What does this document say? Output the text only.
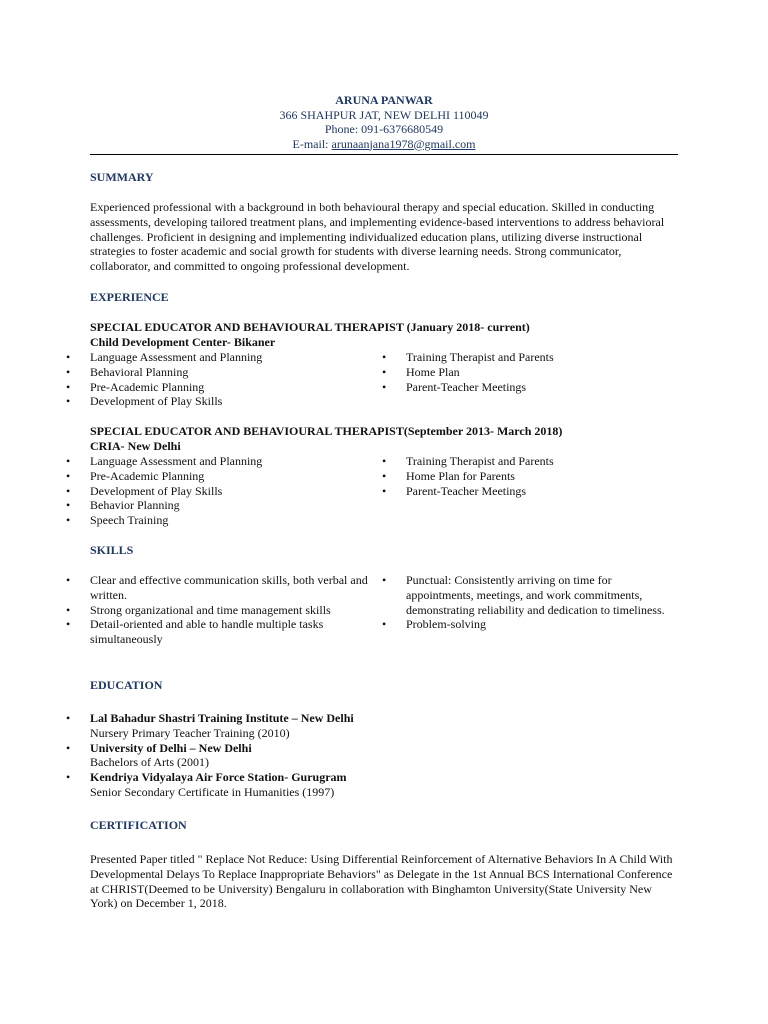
ARUNA PANWAR
366 SHAHPUR JAT, NEW DELHI 110049
Phone: 091-6376680549
E-mail: arunaanjana1978@gmail.com
SUMMARY
Experienced professional with a background in both behavioural therapy and special education. Skilled in conducting assessments, developing tailored treatment plans, and implementing evidence-based interventions to address behavioral challenges. Proficient in designing and implementing individualized education plans, utilizing diverse instructional strategies to foster academic and social growth for students with diverse learning needs. Strong communicator, collaborator, and committed to ongoing professional development.
EXPERIENCE
SPECIAL EDUCATOR AND BEHAVIOURAL THERAPIST (January 2018- current)
Child Development Center- Bikaner
• Language Assessment and Planning
• Behavioral Planning
• Pre-Academic Planning
• Development of Play Skills
• Training Therapist and Parents
• Home Plan
• Parent-Teacher Meetings
SPECIAL EDUCATOR AND BEHAVIOURAL THERAPIST(September 2013- March 2018)
CRIA- New Delhi
• Language Assessment and Planning
• Pre-Academic Planning
• Development of Play Skills
• Behavior Planning
• Speech Training
• Training Therapist and Parents
• Home Plan for Parents
• Parent-Teacher Meetings
SKILLS
• Clear and effective communication skills, both verbal and written.
• Strong organizational and time management skills
• Detail-oriented and able to handle multiple tasks simultaneously
• Punctual: Consistently arriving on time for appointments, meetings, and work commitments, demonstrating reliability and dedication to timeliness.
• Problem-solving
EDUCATION
• Lal Bahadur Shastri Training Institute – New Delhi
Nursery Primary Teacher Training (2010)
• University of Delhi – New Delhi
Bachelors of Arts (2001)
• Kendriya Vidyalaya Air Force Station- Gurugram
Senior Secondary Certificate in Humanities (1997)
CERTIFICATION
Presented Paper titled " Replace Not Reduce: Using Differential Reinforcement of Alternative Behaviors In A Child With Developmental Delays To Replace Inappropriate Behaviors" as Delegate in the 1st Annual BCS International Conference at CHRIST(Deemed to be University) Bengaluru in collaboration with Binghamton University(State University New York) on December 1, 2018.
